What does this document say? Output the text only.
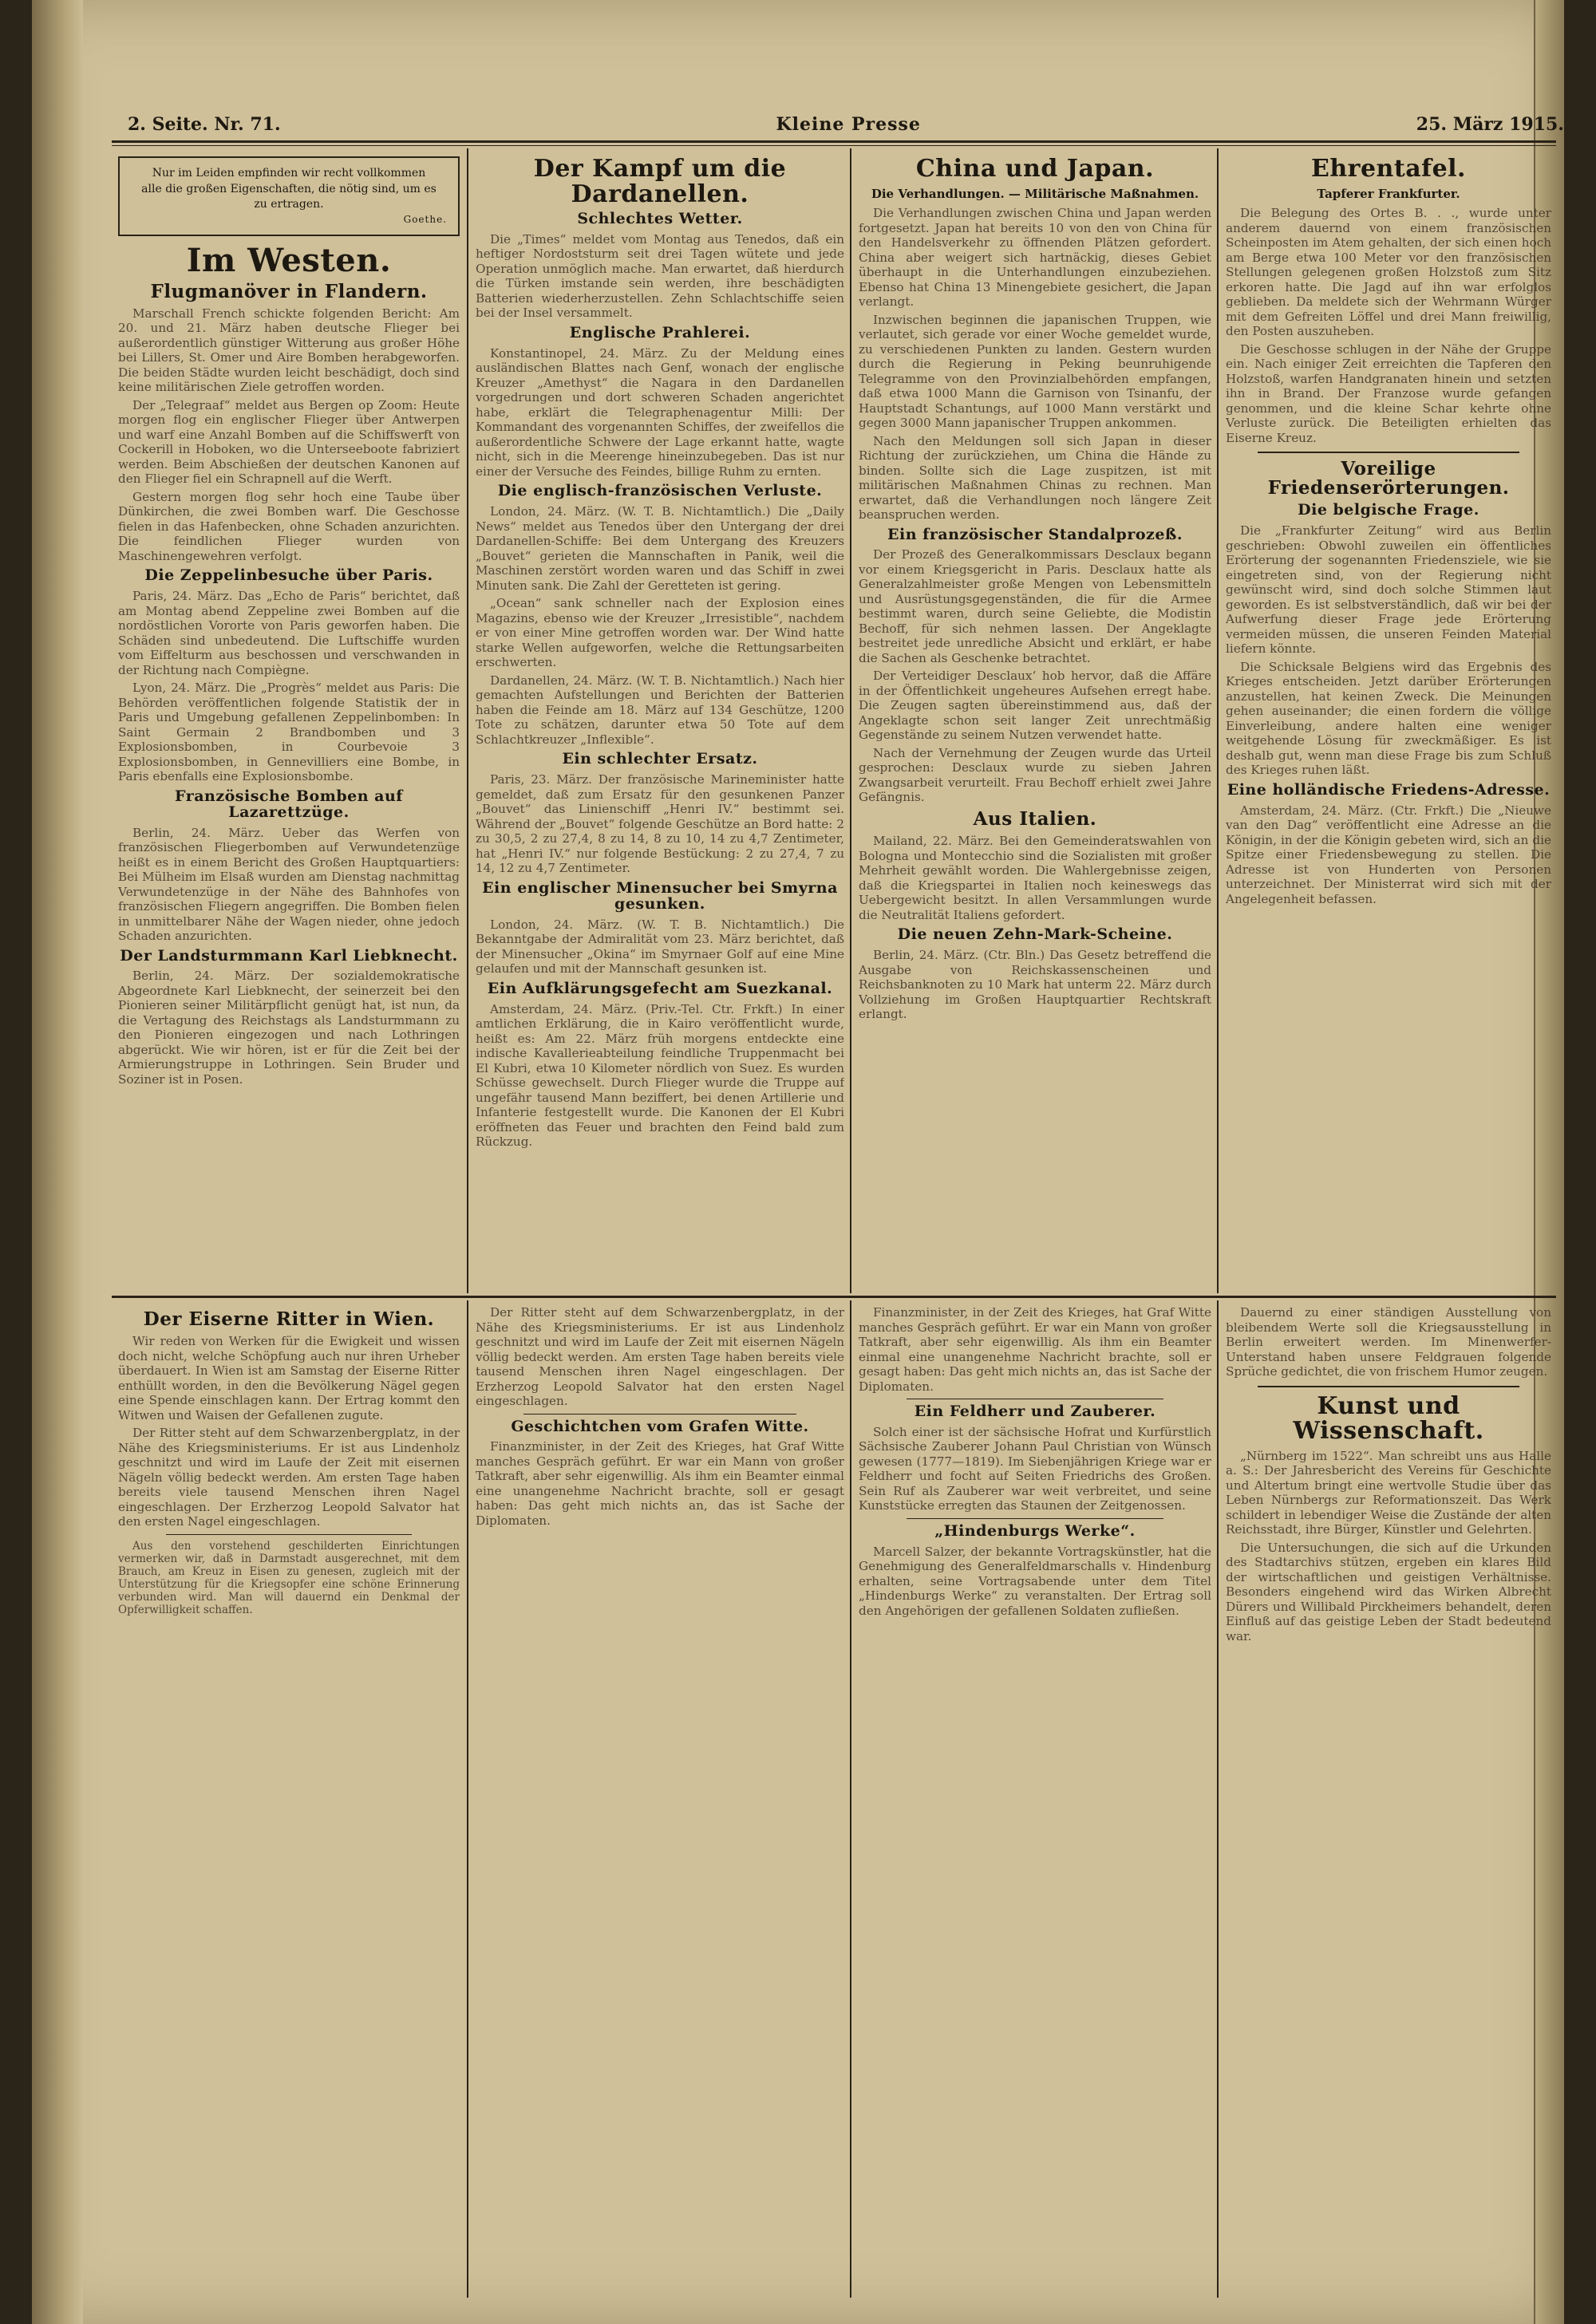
2. Seite. Nr. 71.	Kleine Presse	25. März 1915.
Nur im Leiden empfinden wir recht vollkommen
alle die großen Eigenschaften, die nötig sind, um es
zu ertragen.
Goethe.
Im Westen.
Flugmanöver in Flandern.

Marschall French schickte folgenden Bericht: Am 20. und 21. März haben deutsche Flieger bei außerordentlich günstiger Witterung aus großer Höhe bei Lillers, St. Omer und Aire Bomben herabgeworfen. Die beiden Städte wurden leicht beschädigt, doch sind keine militärischen Ziele getroffen worden.

Der „Telegraaf“ meldet aus Bergen op Zoom: Heute morgen flog ein englischer Flieger über Antwerpen und warf eine Anzahl Bomben auf die Schiffswerft von Cockerill in Hoboken, wo die Unterseeboote fabriziert werden. Beim Abschießen der deutschen Kanonen auf den Flieger fiel ein Schrapnell auf die Werft.

Gestern morgen flog sehr hoch eine Taube über Dünkirchen, die zwei Bomben warf. Die Geschosse fielen in das Hafenbecken, ohne Schaden anzurichten. Die feindlichen Flieger wurden von Maschinengewehren verfolgt.

Die Zeppelinbesuche über Paris.

Paris, 24. März. Das „Echo de Paris“ berichtet, daß am Montag abend Zeppeline zwei Bomben auf die nordöstlichen Vororte von Paris geworfen haben. Die Schäden sind unbedeutend. Die Luftschiffe wurden vom Eiffelturm aus beschossen und verschwanden in der Richtung nach Compiègne.

Lyon, 24. März. Die „Progrès“ meldet aus Paris: Die Behörden veröffentlichen folgende Statistik der in Paris und Umgebung gefallenen Zeppelinbomben: In Saint Germain 2 Brandbomben und 3 Explosionsbomben, in Courbevoie 3 Explosionsbomben, in Gennevilliers eine Bombe, in Paris ebenfalls eine Explosionsbombe.

Französische Bomben auf Lazarettzüge.

Berlin, 24. März. Ueber das Werfen von französischen Fliegerbomben auf Verwundetenzüge heißt es in einem Bericht des Großen Hauptquartiers: Bei Mülheim im Elsaß wurden am Dienstag nachmittag Verwundetenzüge in der Nähe des Bahnhofes von französischen Fliegern angegriffen. Die Bomben fielen in unmittelbarer Nähe der Wagen nieder, ohne jedoch Schaden anzurichten.

Der Landsturmmann Karl Liebknecht.

Berlin, 24. März. Der sozialdemokratische Abgeordnete Karl Liebknecht, der seinerzeit bei den Pionieren seiner Militärpflicht genügt hat, ist nun, da die Vertagung des Reichstags als Landsturmmann zu den Pionieren eingezogen und nach Lothringen abgerückt. Wie wir hören, ist er für die Zeit bei der Armierungstruppe in Lothringen. Sein Bruder und Soziner ist in Posen.

Der Kampf um die Dardanellen.
Schlechtes Wetter.

Die „Times“ meldet vom Montag aus Tenedos, daß ein heftiger Nordoststurm seit drei Tagen wütete und jede Operation unmöglich mache. Man erwartet, daß hierdurch die Türken imstande sein werden, ihre beschädigten Batterien wiederherzustellen. Zehn Schlachtschiffe seien bei der Insel versammelt.

Englische Prahlerei.

Konstantinopel, 24. März. Zu der Meldung eines ausländischen Blattes nach Genf, wonach der englische Kreuzer „Amethyst“ die Nagara in den Dardanellen vorgedrungen und dort schweren Schaden angerichtet habe, erklärt die Telegraphenagentur Milli: Der Kommandant des vorgenannten Schiffes, der zweifellos die außerordentliche Schwere der Lage erkannt hatte, wagte nicht, sich in die Meerenge hineinzubegeben. Das ist nur einer der Versuche des Feindes, billige Ruhm zu ernten.

Die englisch-französischen Verluste.

London, 24. März. (W. T. B. Nichtamtlich.) Die „Daily News“ meldet aus Tenedos über den Untergang der drei Dardanellen-Schiffe: Bei dem Untergang des Kreuzers „Bouvet“ gerieten die Mannschaften in Panik, weil die Maschinen zerstört worden waren und das Schiff in zwei Minuten sank. Die Zahl der Geretteten ist gering.

„Ocean“ sank schneller nach der Explosion eines Magazins, ebenso wie der Kreuzer „Irresistible“, nachdem er von einer Mine getroffen worden war. Der Wind hatte starke Wellen aufgeworfen, welche die Rettungsarbeiten erschwerten.

Dardanellen, 24. März. (W. T. B. Nichtamtlich.) Nach hier gemachten Aufstellungen und Berichten der Batterien haben die Feinde am 18. März auf 134 Geschütze, 1200 Tote zu schätzen, darunter etwa 50 Tote auf dem Schlachtkreuzer „Inflexible“.

Ein schlechter Ersatz.

Paris, 23. März. Der französische Marineminister hatte gemeldet, daß zum Ersatz für den gesunkenen Panzer „Bouvet“ das Linienschiff „Henri IV.“ bestimmt sei. Während der „Bouvet“ folgende Geschütze an Bord hatte: 2 zu 30,5, 2 zu 27,4, 8 zu 14, 8 zu 10, 14 zu 4,7 Zentimeter, hat „Henri IV.“ nur folgende Bestückung: 2 zu 27,4, 7 zu 14, 12 zu 4,7 Zentimeter.

Ein englischer Minensucher bei Smyrna gesunken.

London, 24. März. (W. T. B. Nichtamtlich.) Die Bekanntgabe der Admiralität vom 23. März berichtet, daß der Minensucher „Okina“ im Smyrnaer Golf auf eine Mine gelaufen und mit der Mannschaft gesunken ist.

Ein Aufklärungsgefecht am Suezkanal.

Amsterdam, 24. März. (Priv.-Tel. Ctr. Frkft.) In einer amtlichen Erklärung, die in Kairo veröffentlicht wurde, heißt es: Am 22. März früh morgens entdeckte eine indische Kavallerieabteilung feindliche Truppenmacht bei El Kubri, etwa 10 Kilometer nördlich von Suez. Es wurden Schüsse gewechselt. Durch Flieger wurde die Truppe auf ungefähr tausend Mann beziffert, bei denen Artillerie und Infanterie festgestellt wurde. Die Kanonen der El Kubri eröffneten das Feuer und brachten den Feind bald zum Rückzug.

China und Japan.
Die Verhandlungen. — Militärische Maßnahmen.

Die Verhandlungen zwischen China und Japan werden fortgesetzt. Japan hat bereits 10 von den von China für den Handelsverkehr zu öffnenden Plätzen gefordert. China aber weigert sich hartnäckig, dieses Gebiet überhaupt in die Unterhandlungen einzubeziehen. Ebenso hat China 13 Minengebiete gesichert, die Japan verlangt.

Inzwischen beginnen die japanischen Truppen, wie verlautet, sich gerade vor einer Woche gemeldet wurde, zu verschiedenen Punkten zu landen. Gestern wurden durch die Regierung in Peking beunruhigende Telegramme von den Provinzialbehörden empfangen, daß etwa 1000 Mann die Garnison von Tsinanfu, der Hauptstadt Schantungs, auf 1000 Mann verstärkt und gegen 3000 Mann japanischer Truppen ankommen.

Nach den Meldungen soll sich Japan in dieser Richtung der zurückziehen, um China die Hände zu binden. Sollte sich die Lage zuspitzen, ist mit militärischen Maßnahmen Chinas zu rechnen. Man erwartet, daß die Verhandlungen noch längere Zeit beanspruchen werden.

Ein französischer Standalprozeß.

Der Prozeß des Generalkommissars Desclaux begann vor einem Kriegsgericht in Paris. Desclaux hatte als Generalzahlmeister große Mengen von Lebensmitteln und Ausrüstungsgegenständen, die für die Armee bestimmt waren, durch seine Geliebte, die Modistin Bechoff, für sich nehmen lassen. Der Angeklagte bestreitet jede unredliche Absicht und erklärt, er habe die Sachen als Geschenke betrachtet.

Der Verteidiger Desclaux‘ hob hervor, daß die Affäre in der Öffentlichkeit ungeheures Aufsehen erregt habe. Die Zeugen sagten übereinstimmend aus, daß der Angeklagte schon seit langer Zeit unrechtmäßig Gegenstände zu seinem Nutzen verwendet hatte.

Nach der Vernehmung der Zeugen wurde das Urteil gesprochen: Desclaux wurde zu sieben Jahren Zwangsarbeit verurteilt. Frau Bechoff erhielt zwei Jahre Gefängnis.

Aus Italien.

Mailand, 22. März. Bei den Gemeinderatswahlen von Bologna und Montecchio sind die Sozialisten mit großer Mehrheit gewählt worden. Die Wahlergebnisse zeigen, daß die Kriegspartei in Italien noch keineswegs das Uebergewicht besitzt. In allen Versammlungen wurde die Neutralität Italiens gefordert.

Die neuen Zehn-Mark-Scheine.

Berlin, 24. März. (Ctr. Bln.) Das Gesetz betreffend die Ausgabe von Reichskassenscheinen und Reichsbanknoten zu 10 Mark hat unterm 22. März durch Vollziehung im Großen Hauptquartier Rechtskraft erlangt.

Ehrentafel.
Tapferer Frankfurter.

Die Belegung des Ortes B. . ., wurde unter anderem dauernd von einem französischen Scheinposten im Atem gehalten, der sich einen hoch am Berge etwa 100 Meter vor den französischen Stellungen gelegenen großen Holzstoß zum Sitz erkoren hatte. Die Jagd auf ihn war erfolglos geblieben. Da meldete sich der Wehrmann Würger mit dem Gefreiten Löffel und drei Mann freiwillig, den Posten auszuheben.

Die Geschosse schlugen in der Nähe der Gruppe ein. Nach einiger Zeit erreichten die Tapferen den Holzstoß, warfen Handgranaten hinein und setzten ihn in Brand. Der Franzose wurde gefangen genommen, und die kleine Schar kehrte ohne Verluste zurück. Die Beteiligten erhielten das Eiserne Kreuz.

Voreilige Friedenserörterungen.
Die belgische Frage.

Die „Frankfurter Zeitung“ wird aus Berlin geschrieben: Obwohl zuweilen ein öffentliches Erörterung der sogenannten Friedensziele, wie sie eingetreten sind, von der Regierung nicht gewünscht wird, sind doch solche Stimmen laut geworden. Es ist selbstverständlich, daß wir bei der Aufwerfung dieser Frage jede Erörterung vermeiden müssen, die unseren Feinden Material liefern könnte.

Die Schicksale Belgiens wird das Ergebnis des Krieges entscheiden. Jetzt darüber Erörterungen anzustellen, hat keinen Zweck. Die Meinungen gehen auseinander; die einen fordern die völlige Einverleibung, andere halten eine weniger weitgehende Lösung für zweckmäßiger. Es ist deshalb gut, wenn man diese Frage bis zum Schluß des Krieges ruhen läßt.

Eine holländische Friedens-Adresse.

Amsterdam, 24. März. (Ctr. Frkft.) Die „Nieuwe van den Dag“ veröffentlicht eine Adresse an die Königin, in der die Königin gebeten wird, sich an die Spitze einer Friedensbewegung zu stellen. Die Adresse ist von Hunderten von Personen unterzeichnet. Der Ministerrat wird sich mit der Angelegenheit befassen.

Der Eiserne Ritter in Wien.

Wir reden von Werken für die Ewigkeit und wissen doch nicht, welche Schöpfung auch nur ihren Urheber überdauert. In Wien ist am Samstag der Eiserne Ritter enthüllt worden, in den die Bevölkerung Nägel gegen eine Spende einschlagen kann. Der Ertrag kommt den Witwen und Waisen der Gefallenen zugute.

Der Ritter steht auf dem Schwarzenbergplatz, in der Nähe des Kriegsministeriums. Er ist aus Lindenholz geschnitzt und wird im Laufe der Zeit mit eisernen Nägeln völlig bedeckt werden. Am ersten Tage haben bereits viele tausend Menschen ihren Nagel eingeschlagen. Der Erzherzog Leopold Salvator hat den ersten Nagel eingeschlagen.

Aus den vorstehend geschilderten Einrichtungen vermerken wir, daß in Darmstadt ausgerechnet, mit dem Brauch, am Kreuz in Eisen zu genesen, zugleich mit der Unterstützung für die Kriegsopfer eine schöne Erinnerung verbunden wird. Man will dauernd ein Denkmal der Opferwilligkeit schaffen.

Der Ritter steht auf dem Schwarzenbergplatz, in der Nähe des Kriegsministeriums. Er ist aus Lindenholz geschnitzt und wird im Laufe der Zeit mit eisernen Nägeln völlig bedeckt werden. Am ersten Tage haben bereits viele tausend Menschen ihren Nagel eingeschlagen. Der Erzherzog Leopold Salvator hat den ersten Nagel eingeschlagen.

Geschichtchen vom Grafen Witte.

Finanzminister, in der Zeit des Krieges, hat Graf Witte manches Gespräch geführt. Er war ein Mann von großer Tatkraft, aber sehr eigenwillig. Als ihm ein Beamter einmal eine unangenehme Nachricht brachte, soll er gesagt haben: Das geht mich nichts an, das ist Sache der Diplomaten.

Finanzminister, in der Zeit des Krieges, hat Graf Witte manches Gespräch geführt. Er war ein Mann von großer Tatkraft, aber sehr eigenwillig. Als ihm ein Beamter einmal eine unangenehme Nachricht brachte, soll er gesagt haben: Das geht mich nichts an, das ist Sache der Diplomaten.

Ein Feldherr und Zauberer.

Solch einer ist der sächsische Hofrat und Kurfürstlich Sächsische Zauberer Johann Paul Christian von Wünsch gewesen (1777—1819). Im Siebenjährigen Kriege war er Feldherr und focht auf Seiten Friedrichs des Großen. Sein Ruf als Zauberer war weit verbreitet, und seine Kunststücke erregten das Staunen der Zeitgenossen.

„Hindenburgs Werke“.

Marcell Salzer, der bekannte Vortragskünstler, hat die Genehmigung des Generalfeldmarschalls v. Hindenburg erhalten, seine Vortragsabende unter dem Titel „Hindenburgs Werke“ zu veranstalten. Der Ertrag soll den Angehörigen der gefallenen Soldaten zufließen.

Dauernd zu einer ständigen Ausstellung von bleibendem Werte soll die Kriegsausstellung in Berlin erweitert werden. Im Minenwerfer-Unterstand haben unsere Feldgrauen folgende Sprüche gedichtet, die von frischem Humor zeugen.

Kunst und Wissenschaft.

„Nürnberg im 1522“. Man schreibt uns aus Halle a. S.: Der Jahresbericht des Vereins für Geschichte und Altertum bringt eine wertvolle Studie über das Leben Nürnbergs zur Reformationszeit. Das Werk schildert in lebendiger Weise die Zustände der alten Reichsstadt, ihre Bürger, Künstler und Gelehrten.

Die Untersuchungen, die sich auf die Urkunden des Stadtarchivs stützen, ergeben ein klares Bild der wirtschaftlichen und geistigen Verhältnisse. Besonders eingehend wird das Wirken Albrecht Dürers und Willibald Pirckheimers behandelt, deren Einfluß auf das geistige Leben der Stadt bedeutend war.
